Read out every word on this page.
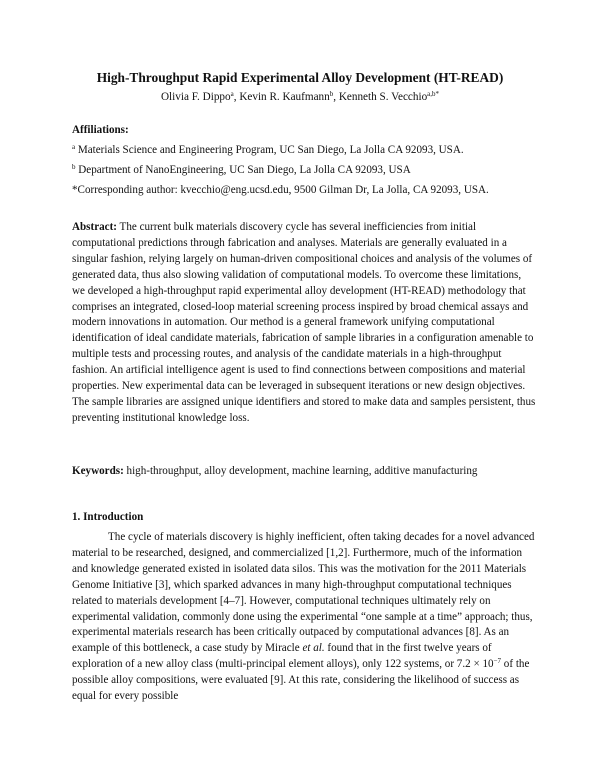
High-Throughput Rapid Experimental Alloy Development (HT-READ)
Olivia F. Dippo$^a$, Kevin R. Kaufmann$^b$, Kenneth S. Vecchio$^{a,b*}$
Affiliations:
$^a$ Materials Science and Engineering Program, UC San Diego, La Jolla CA 92093, USA.
$^b$ Department of NanoEngineering, UC San Diego, La Jolla CA 92093, USA
*Corresponding author: kvecchio@eng.ucsd.edu, 9500 Gilman Dr, La Jolla, CA 92093, USA.
Abstract: The current bulk materials discovery cycle has several inefficiencies from initial computational predictions through fabrication and analyses. Materials are generally evaluated in a singular fashion, relying largely on human-driven compositional choices and analysis of the volumes of generated data, thus also slowing validation of computational models. To overcome these limitations, we developed a high-throughput rapid experimental alloy development (HT-READ) methodology that comprises an integrated, closed-loop material screening process inspired by broad chemical assays and modern innovations in automation. Our method is a general framework unifying computational identification of ideal candidate materials, fabrication of sample libraries in a configuration amenable to multiple tests and processing routes, and analysis of the candidate materials in a high-throughput fashion. An artificial intelligence agent is used to find connections between compositions and material properties. New experimental data can be leveraged in subsequent iterations or new design objectives. The sample libraries are assigned unique identifiers and stored to make data and samples persistent, thus preventing institutional knowledge loss.
Keywords: high-throughput, alloy development, machine learning, additive manufacturing
1. Introduction
The cycle of materials discovery is highly inefficient, often taking decades for a novel advanced material to be researched, designed, and commercialized [1,2]. Furthermore, much of the information and knowledge generated existed in isolated data silos. This was the motivation for the 2011 Materials Genome Initiative [3], which sparked advances in many high-throughput computational techniques related to materials development [4–7]. However, computational techniques ultimately rely on experimental validation, commonly done using the experimental “one sample at a time” approach; thus, experimental materials research has been critically outpaced by computational advances [8]. As an example of this bottleneck, a case study by Miracle et al. found that in the first twelve years of exploration of a new alloy class (multi-principal element alloys), only 122 systems, or $7.2 \times 10^{-7}$ of the possible alloy compositions, were evaluated [9]. At this rate, considering the likelihood of success as equal for every possible
